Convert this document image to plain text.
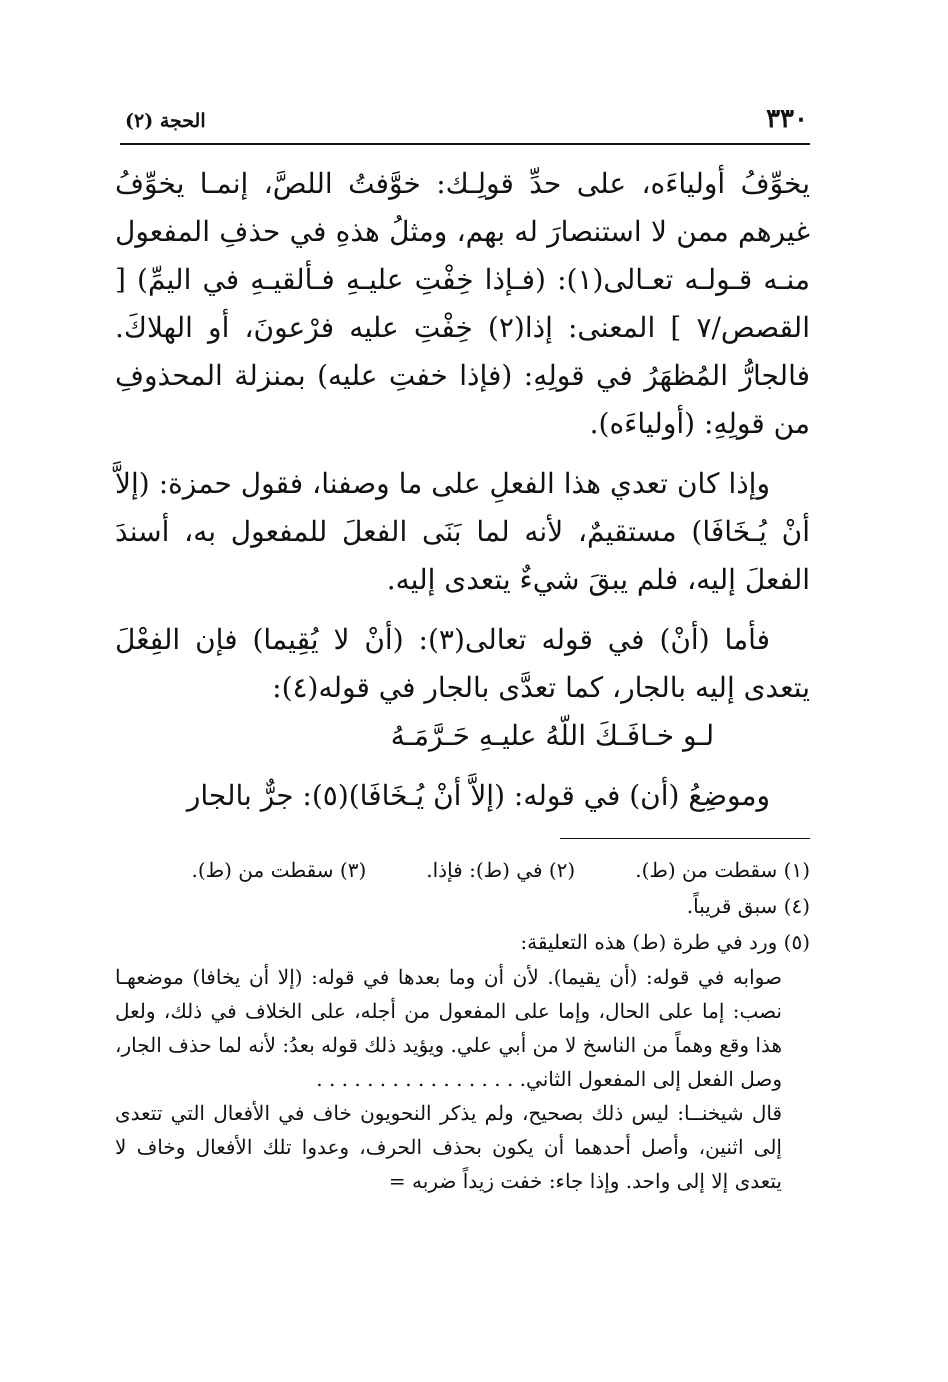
٣٣٠
الحجة (٢)

يخوِّفُ أولياءَه، على حدِّ قولِـك: خوَّفتُ اللصَّ، إنمـا يخوِّفُ غيرهم ممن لا استنصارَ له بهم، ومثلُ هذهِ في حذفِ المفعول منـه قـولـه تعـالى(١): (فـإذا خِفْتِ عليـهِ فـألقيـهِ في اليمِّ) [ القصص/٧ ] المعنى: إذا(٢) خِفْتِ عليه فرْعونَ، أو الهلاكَ. فالجارُّ المُظهَرُ في قولِهِ: (فإذا خفتِ عليه) بمنزلة المحذوفِ من قولِهِ: (أولياءَه).

وإذا كان تعدي هذا الفعلِ على ما وصفنا، فقول حمزة: (إلاَّ أنْ يُـخَافَا) مستقيمٌ، لأنه لما بَنَى الفعلَ للمفعول به، أسندَ الفعلَ إليه، فلم يبقَ شيءٌ يتعدى إليه.

فأما (أنْ) في قوله تعالى(٣): (أنْ لا يُقِيما) فإن الفِعْلَ يتعدى إليه بالجار، كما تعدَّى بالجار في قوله(٤):

لـو خـافَـكَ اللّهُ عليـهِ حَـرَّمَـهُ

وموضِعُ (أن) في قوله: (إلاَّ أنْ يُـخَافَا)(٥): جرٌّ بالجار

(١) سقطت من (ط).
(٢) في (ط): فإذا.
(٣) سقطت من (ط).
(٤) سبق قريباً.
(٥) ورد في طرة (ط) هذه التعليقة:

صوابه في قوله: (أن يقيما). لأن أن وما بعدها في قوله: (إلا أن يخافا) موضعهـا نصب: إما على الحال، وإما على المفعول من أجله، على الخلاف في ذلك، ولعل هذا وقع وهماً من الناسخ لا من أبي علي. ويؤيد ذلك قوله بعدُ: لأنه لما حذف الجار، وصل الفعل إلى المفعول الثاني. . . . . . . . . . . . . . . . .

قال شيخنــا: ليس ذلك بصحيح، ولم يذكر النحويون خاف في الأفعال التي تتعدى إلى اثنين، وأصل أحدهما أن يكون بحذف الحرف، وعدوا تلك الأفعال وخاف لا يتعدى إلا إلى واحد. وإذا جاء: خفت زيداً ضربه =
